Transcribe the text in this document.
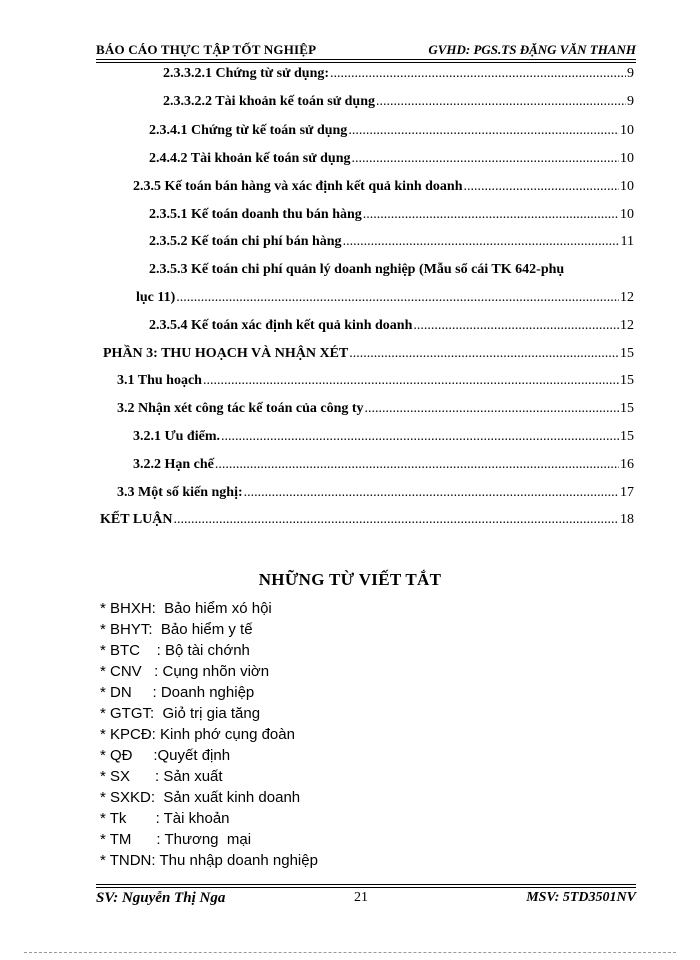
BÁO CÁO THỰC TẬP TỐT NGHIỆP	GVHD: PGS.TS ĐẶNG VĂN THANH
2.3.3.2.1 Chứng từ sử dụng: .....	9
2.3.3.2.2 Tài khoản kế toán sử dụng .....	9
2.3.4.1 Chứng từ kế toán sử dụng .....	10
2.4.4.2 Tài khoản kế toán sử dụng .....	10
2.3.5 Kế toán bán hàng và xác định kết quả kinh doanh .....	10
2.3.5.1 Kế toán doanh thu bán hàng .....	10
2.3.5.2 Kế toán chi phí bán hàng .....	11
2.3.5.3 Kế toán chi phí quản lý doanh nghiệp (Mẫu sổ cái TK 642-phụ
lục 11) .....	12
2.3.5.4 Kế toán xác định kết quả kinh doanh .....	12
PHẦN 3: THU HOẠCH VÀ NHẬN XÉT .....	15
3.1 Thu hoạch .....	15
3.2 Nhận xét công tác kế toán của công ty .....	15
3.2.1 Ưu điểm. .....	15
3.2.2 Hạn chế .....	16
3.3 Một số kiến nghị: .....	17
KẾT LUẬN .....	18
NHỮNG TỪ VIẾT TẮT
* BHXH:  Bảo hiểm xó hội
* BHYT:  Bảo hiểm y tế
* BTC    : Bộ tài chớnh
* CNV   : Cụng nhõn viờn
* DN     : Doanh nghiệp
* GTGT:  Giỏ trị gia tăng
* KPCĐ: Kinh phớ cụng đoàn
* QĐ     :Quyết định
* SX      : Sản xuất
* SXKD:  Sản xuất kinh doanh
* Tk       : Tài khoản
* TM      : Thương  mại
* TNDN: Thu nhập doanh nghiệp
SV: Nguyễn Thị Nga	21	MSV: 5TD3501NV
